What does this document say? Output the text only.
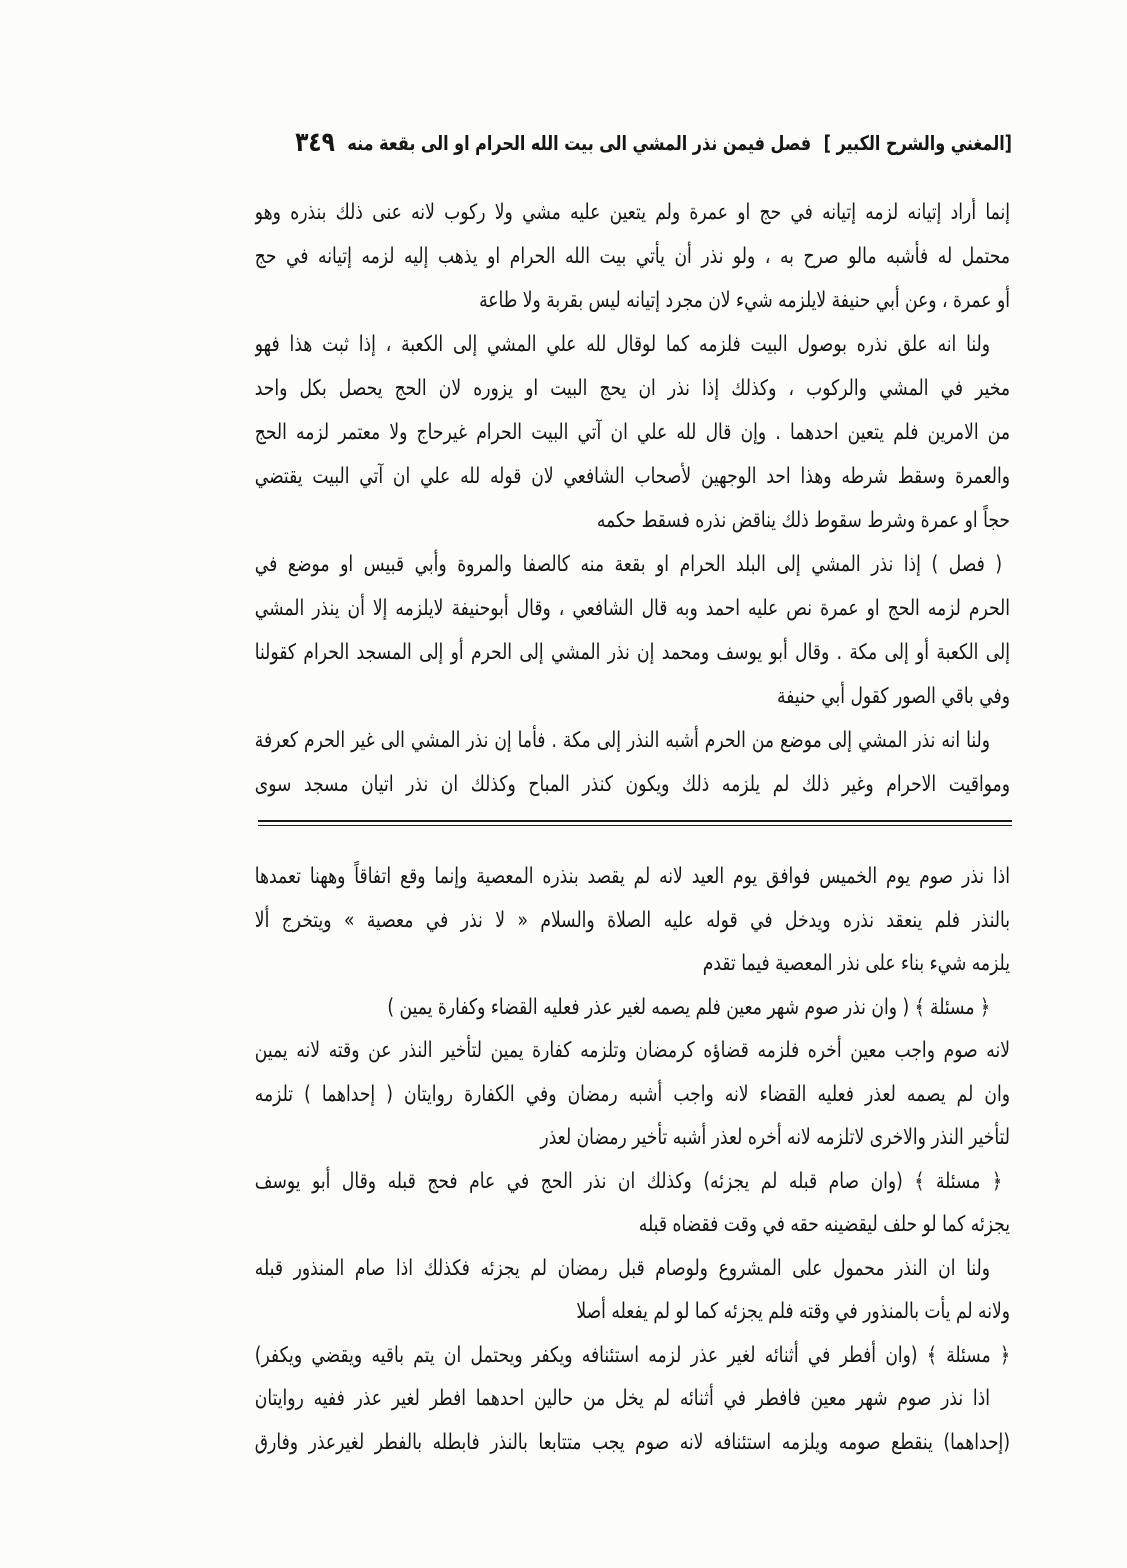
[المغني والشرح الكبير ]
فصل فيمن نذر المشي الى بيت الله الحرام او الى بقعة منه
٣٤٩
إنما أراد إتيانه لزمه إتيانه في حج او عمرة ولم يتعين عليه مشي ولا ركوب لانه عنى ذلك بنذره وهو
محتمل له فأشبه مالو صرح به ، ولو نذر أن يأتي بيت الله الحرام او يذهب إليه لزمه إتيانه في حج
أو عمرة ، وعن أبي حنيفة لايلزمه شيء لان مجرد إتيانه ليس بقربة ولا طاعة
ولنا انه علق نذره بوصول البيت فلزمه كما لوقال لله علي المشي إلى الكعبة ، إذا ثبت هذا فهو
مخير في المشي والركوب ، وكذلك إذا نذر ان يحج البيت او يزوره لان الحج يحصل بكل واحد
من الامرين فلم يتعين احدهما . وإن قال لله علي ان آتي البيت الحرام غيرحاج ولا معتمر لزمه الحج
والعمرة وسقط شرطه وهذا احد الوجهين لأصحاب الشافعي لان قوله لله علي ان آتي البيت يقتضي
حجاً او عمرة وشرط سقوط ذلك يناقض نذره فسقط حكمه
( فصل ) إذا نذر المشي إلى البلد الحرام او بقعة منه كالصفا والمروة وأبي قبيس او موضع في
الحرم لزمه الحج او عمرة نص عليه احمد وبه قال الشافعي ، وقال أبوحنيفة لايلزمه إلا أن ينذر المشي
إلى الكعبة أو إلى مكة . وقال أبو يوسف ومحمد إن نذر المشي إلى الحرم أو إلى المسجد الحرام كقولنا
وفي باقي الصور كقول أبي حنيفة
ولنا انه نذر المشي إلى موضع من الحرم أشبه النذر إلى مكة . فأما إن نذر المشي الى غير الحرم كعرفة
ومواقيت الاحرام وغير ذلك لم يلزمه ذلك ويكون كنذر المباح وكذلك ان نذر اتيان مسجد سوى
اذا نذر صوم يوم الخميس فوافق يوم العيد لانه لم يقصد بنذره المعصية وإنما وقع اتفاقاً وههنا تعمدها
بالنذر فلم ينعقد نذره ويدخل في قوله عليه الصلاة والسلام « لا نذر في معصية » ويتخرج ألا
يلزمه شيء بناء على نذر المعصية فيما تقدم
﴿ مسئلة ﴾ ( وان نذر صوم شهر معين فلم يصمه لغير عذر فعليه القضاء وكفارة يمين )
لانه صوم واجب معين أخره فلزمه قضاؤه كرمضان وتلزمه كفارة يمين لتأخير النذر عن وقته لانه يمين
وان لم يصمه لعذر فعليه القضاء لانه واجب أشبه رمضان وفي الكفارة روايتان ( إحداهما ) تلزمه
لتأخير النذر والاخرى لاتلزمه لانه أخره لعذر أشبه تأخير رمضان لعذر
﴿ مسئلة ﴾ (وان صام قبله لم يجزئه) وكذلك ان نذر الحج في عام فحج قبله وقال أبو يوسف
يجزئه كما لو حلف ليقضينه حقه في وقت فقضاه قبله
ولنا ان النذر محمول على المشروع ولوصام قبل رمضان لم يجزئه فكذلك اذا صام المنذور قبله
ولانه لم يأت بالمنذور في وقته فلم يجزئه كما لو لم يفعله أصلا
﴿ مسئلة ﴾ (وان أفطر في أثنائه لغير عذر لزمه استئنافه ويكفر ويحتمل ان يتم باقيه ويقضي ويكفر)
اذا نذر صوم شهر معين فافطر في أثنائه لم يخل من حالين احدهما افطر لغير عذر ففيه روايتان
(إحداهما) ينقطع صومه ويلزمه استئنافه لانه صوم يجب متتابعا بالنذر فابطله بالفطر لغيرعذر وفارق
